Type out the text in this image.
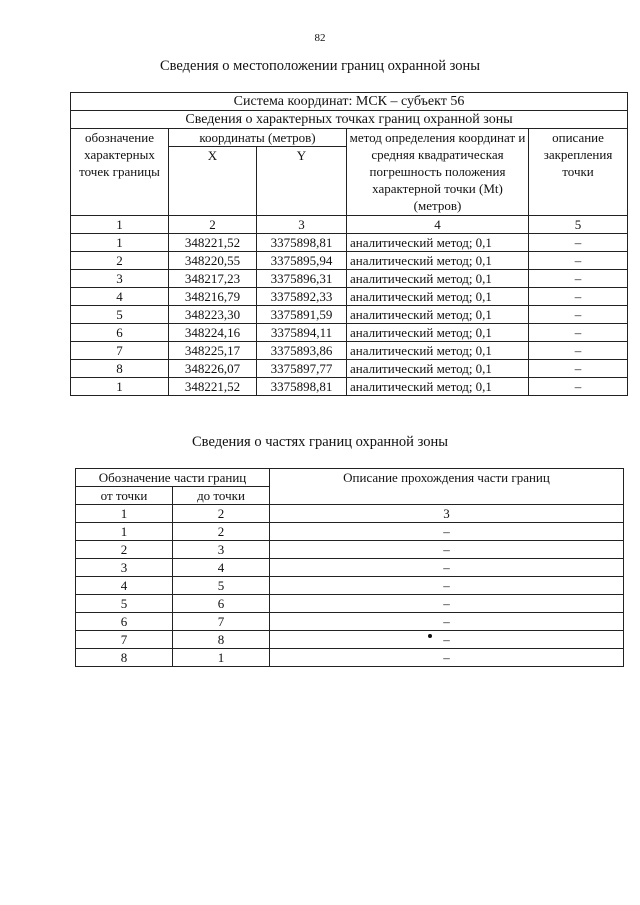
82
Сведения о местоположении границ охранной зоны
Система координат: МСК – субъект 56				
Сведения о характерных точках границ охранной зоны				
обозначение характерных точек границы	координаты (метров)		метод определения координат и средняя квадратическая погрешность положения характерной точки (Mt) (метров)	описание закрепления точки
	X	Y		
1	2	3	4	5
1	348221,52	3375898,81	аналитический метод; 0,1	–
2	348220,55	3375895,94	аналитический метод; 0,1	–
3	348217,23	3375896,31	аналитический метод; 0,1	–
4	348216,79	3375892,33	аналитический метод; 0,1	–
5	348223,30	3375891,59	аналитический метод; 0,1	–
6	348224,16	3375894,11	аналитический метод; 0,1	–
7	348225,17	3375893,86	аналитический метод; 0,1	–
8	348226,07	3375897,77	аналитический метод; 0,1	–
1	348221,52	3375898,81	аналитический метод; 0,1	–
Сведения о частях границ охранной зоны
Обозначение части границ		Описание прохождения части границ
от точки	до точки	
1	2	3
1	2	–
2	3	–
3	4	–
4	5	–
5	6	–
6	7	–
7	8	–
8	1	–
